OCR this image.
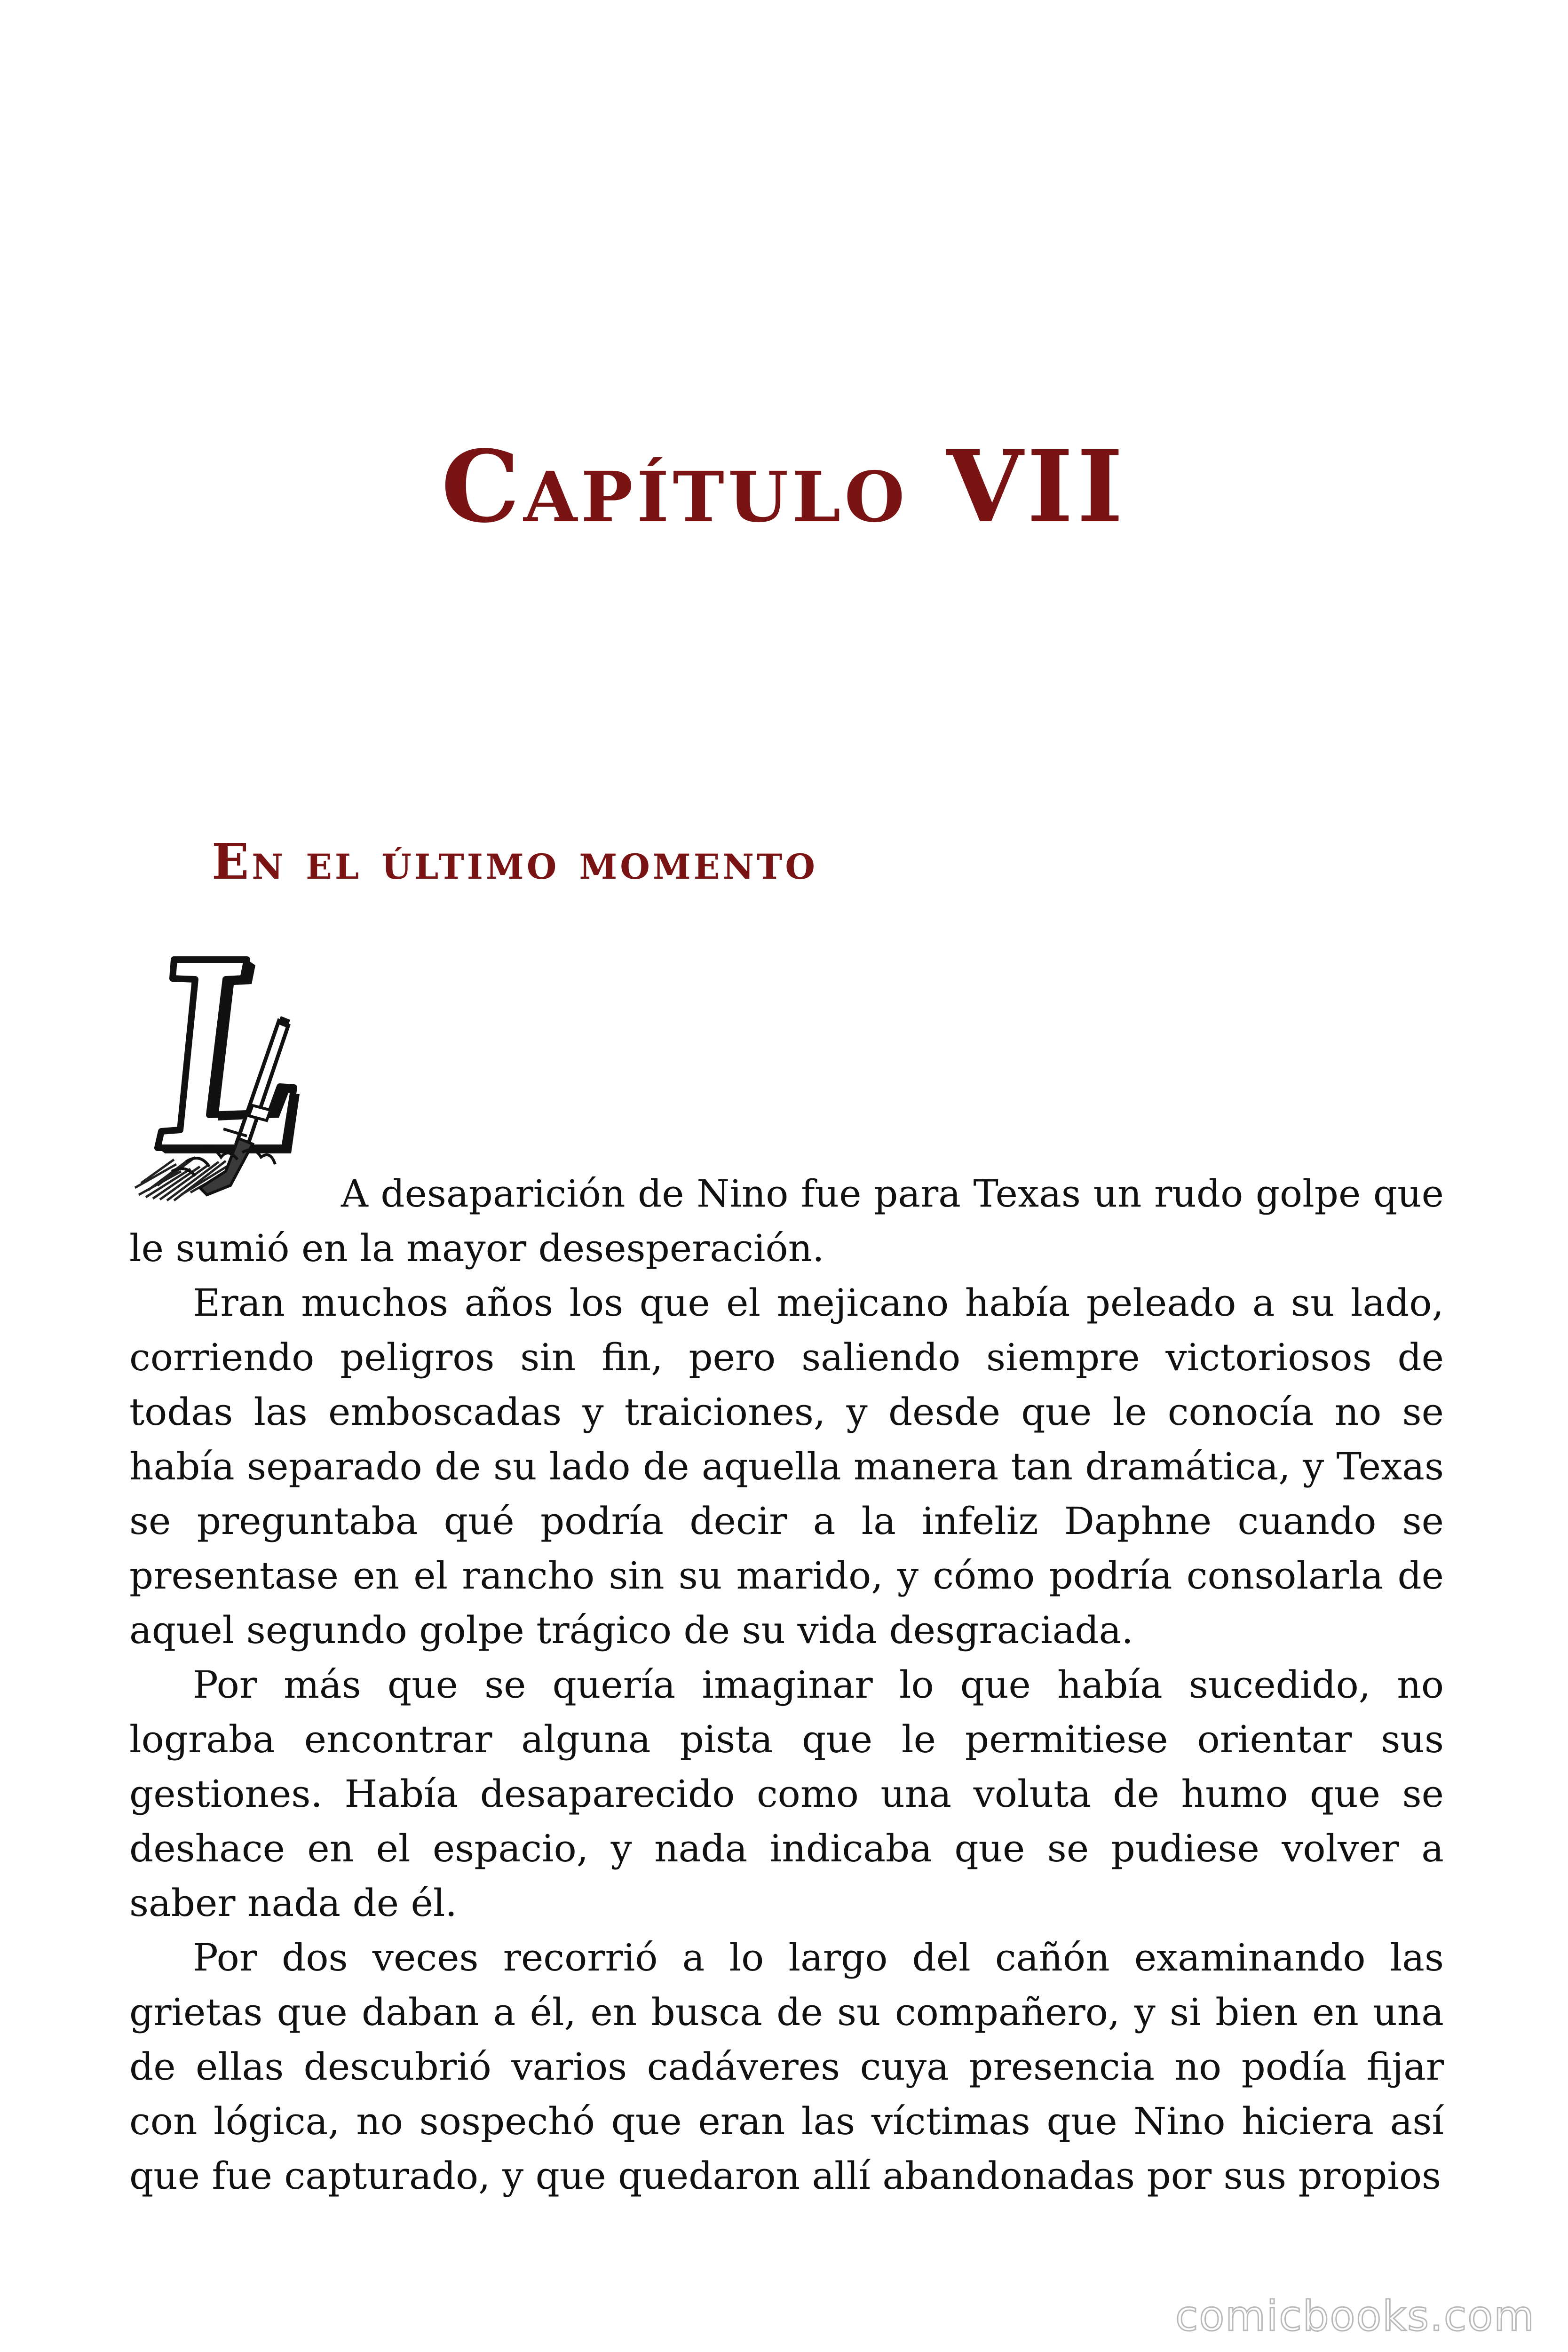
Capítulo VII
En el último momento

A desaparición de Nino fue para Texas un rudo golpe que le sumió en la mayor desesperación.

Eran muchos años los que el mejicano había peleado a su lado, corriendo peligros sin fin, pero saliendo siempre victoriosos de todas las emboscadas y traiciones, y desde que le conocía no se había separado de su lado de aquella manera tan dramática, y Texas se preguntaba qué podría decir a la infeliz Daphne cuando se presentase en el rancho sin su marido, y cómo podría consolarla de aquel segundo golpe trágico de su vida desgraciada.

Por más que se quería imaginar lo que había sucedido, no lograba encontrar alguna pista que le permitiese orientar sus gestiones. Había desaparecido como una voluta de humo que se deshace en el espacio, y nada indicaba que se pudiese volver a saber nada de él.

Por dos veces recorrió a lo largo del cañón examinando las grietas que daban a él, en busca de su compañero, y si bien en una de ellas descubrió varios cadáveres cuya presencia no podía fijar con lógica, no sospechó que eran las víctimas que Nino hiciera así que fue capturado, y que quedaron allí abandonadas por sus propios

comicbooks.com
